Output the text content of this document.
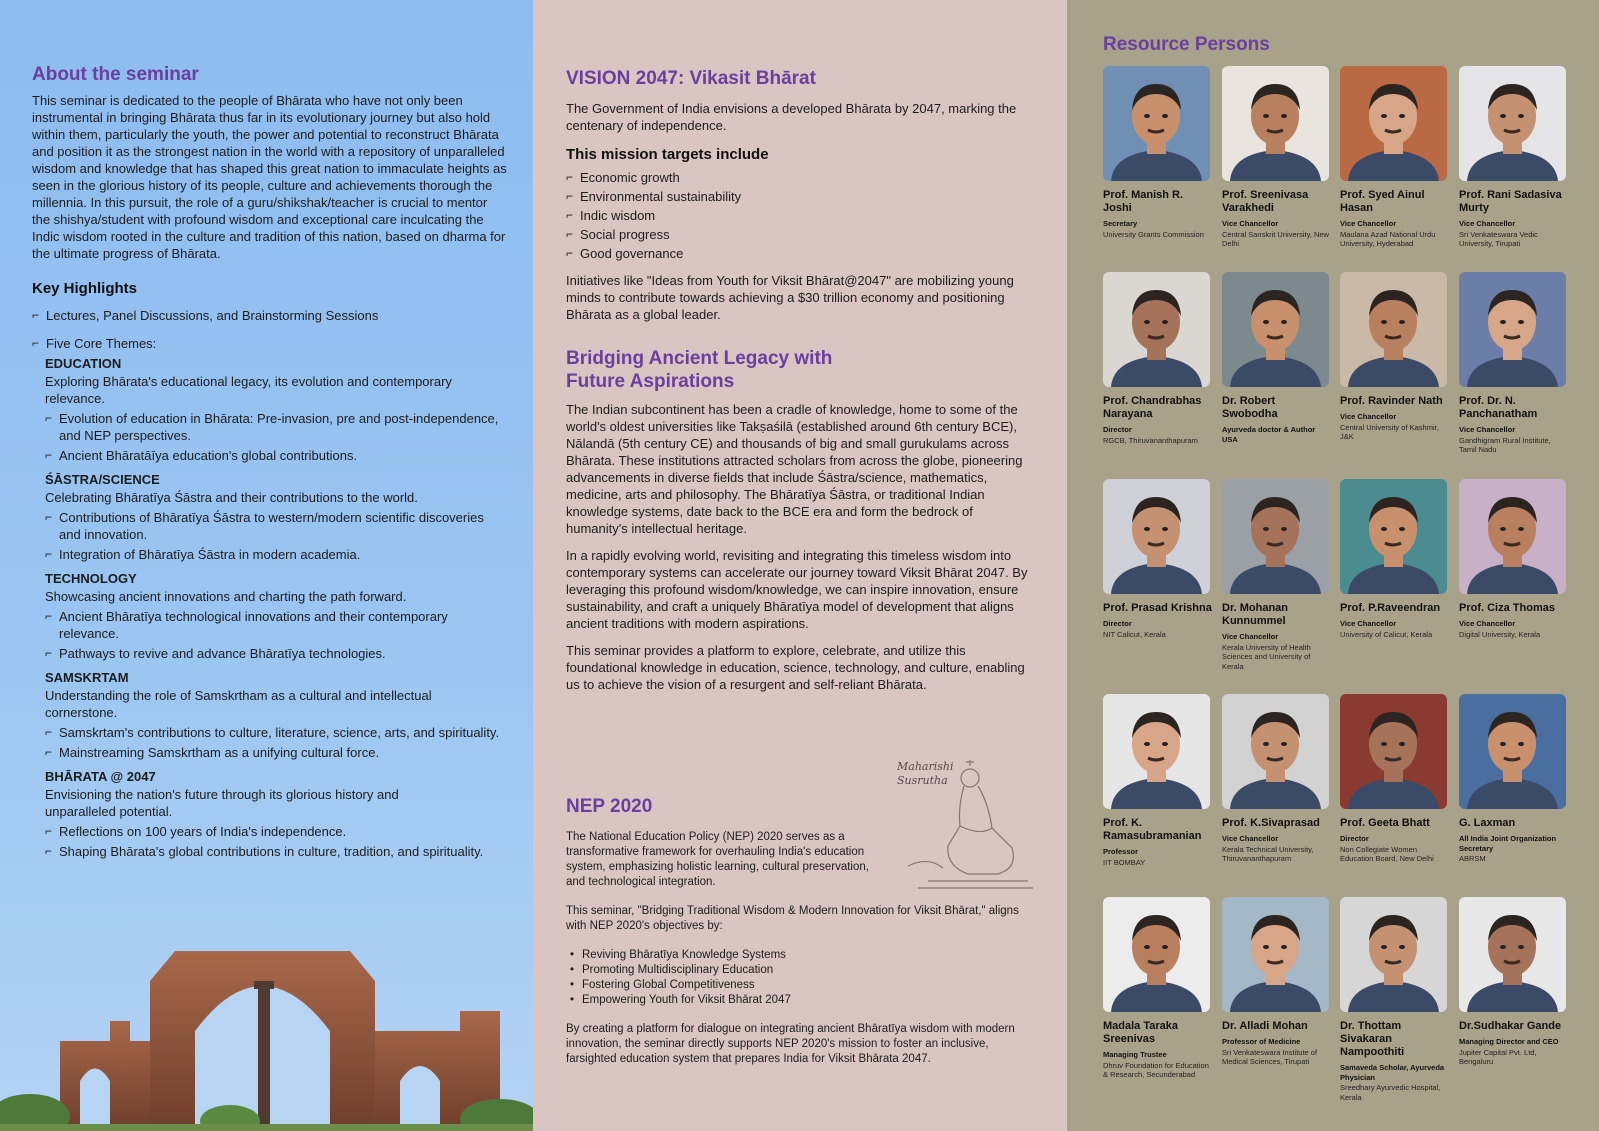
About the seminar

This seminar is dedicated to the people of Bhārata who have not only been instrumental in bringing Bhārata thus far in its evolutionary journey but also hold within them, particularly the youth, the power and potential to reconstruct Bhārata and position it as the strongest nation in the world with a repository of unparalleled wisdom and knowledge that has shaped this great nation to immaculate heights as seen in the glorious history of its people, culture and achievements thorough the millennia. In this pursuit, the role of a guru/shikshak/teacher is crucial to mentor the shishya/student with profound wisdom and exceptional care inculcating the Indic wisdom rooted in the culture and tradition of this nation, based on dharma for the ultimate progress of Bhārata.

Key Highlights
⌐ Lectures, Panel Discussions, and Brainstorming Sessions
⌐ Five Core Themes:
EDUCATION

Exploring Bhārata's educational legacy, its evolution and contemporary relevance.

⌐ Evolution of education in Bhārata: Pre-invasion, pre and post-independence, and NEP perspectives.
⌐ Ancient Bhāratāīya education's global contributions.
ŚĀSTRA/SCIENCE

Celebrating Bhāratīya Śāstra and their contributions to the world.

⌐ Contributions of Bhāratīya Śāstra to western/modern scientific discoveries and innovation.
⌐ Integration of Bhāratīya Śāstra in modern academia.
TECHNOLOGY

Showcasing ancient innovations and charting the path forward.

⌐ Ancient Bhāratīya technological innovations and their contemporary relevance.
⌐ Pathways to revive and advance Bhāratīya technologies.
SAMSKRTAM

Understanding the role of Samskrtham as a cultural and intellectual cornerstone.

⌐ Samskrtam's contributions to culture, literature, science, arts, and spirituality.
⌐ Mainstreaming Samskrtham as a unifying cultural force.
BHĀRATA @ 2047

Envisioning the nation's future through its glorious history and unparalleled potential.

⌐ Reflections on 100 years of India's independence.
⌐ Shaping Bhārata's global contributions in culture, tradition, and spirituality.
VISION 2047: Vikasit Bhārat

The Government of India envisions a developed Bhārata by 2047, marking the centenary of independence.

This mission targets include
⌐ Economic growth
⌐ Environmental sustainability
⌐ Indic wisdom
⌐ Social progress
⌐ Good governance

Initiatives like "Ideas from Youth for Viksit Bhārat@2047" are mobilizing young minds to contribute towards achieving a $30 trillion economy and positioning Bhārata as a global leader.

Bridging Ancient Legacy with
Future Aspirations

The Indian subcontinent has been a cradle of knowledge, home to some of the world's oldest universities like Takṣaśilā (established around 6th century BCE), Nālandā (5th century CE) and thousands of big and small gurukulams across Bhārata. These institutions attracted scholars from across the globe, pioneering advancements in diverse fields that include Śāstra/science, mathematics, medicine, arts and philosophy. The Bhāratīya Śāstra, or traditional Indian knowledge systems, date back to the BCE era and form the bedrock of humanity's intellectual heritage.

In a rapidly evolving world, revisiting and integrating this timeless wisdom into contemporary systems can accelerate our journey toward Viksit Bhārat 2047. By leveraging this profound wisdom/knowledge, we can inspire innovation, ensure sustainability, and craft a uniquely Bhāratīya model of development that aligns ancient traditions with modern aspirations.

This seminar provides a platform to explore, celebrate, and utilize this foundational knowledge in education, science, technology, and culture, enabling us to achieve the vision of a resurgent and self-reliant Bhārata.

Maharishi
Susrutha
NEP 2020

The National Education Policy (NEP) 2020 serves as a transformative framework for overhauling India's education system, emphasizing holistic learning, cultural preservation, and technological integration.

This seminar, "Bridging Traditional Wisdom & Modern Innovation for Viksit Bhārat," aligns with NEP 2020's objectives by:

• Reviving Bhāratīya Knowledge Systems
• Promoting Multidisciplinary Education
• Fostering Global Competitiveness
• Empowering Youth for Viksit Bhārat 2047

By creating a platform for dialogue on integrating ancient Bhāratīya wisdom with modern innovation, the seminar directly supports NEP 2020's mission to foster an inclusive, farsighted education system that prepares India for Viksit Bhārata 2047.

Resource Persons
Prof. Manish R. Joshi
Secretary
University Grants Commission
Prof. Sreenivasa Varakhedi
Vice Chancellor
Central Sanskrit University, New Delhi
Prof. Syed Ainul Hasan
Vice Chancellor
Maulana Azad National Urdu University, Hyderabad
Prof. Rani Sadasiva Murty
Vice Chancellor
Sri Venkateswara Vedic University, Tirupati
Prof. Chandrabhas Narayana
Director
RGCB, Thiruvananthapuram
Dr. Robert Swobodha
Ayurveda doctor & Author USA
Prof. Ravinder Nath
Vice Chancellor
Central University of Kashmir, J&K
Prof. Dr. N. Panchanatham
Vice Chancellor
Gandhigram Rural Institute, Tamil Nadu
Prof. Prasad Krishna
Director
NIT Calicut, Kerala
Dr. Mohanan Kunnummel
Vice Chancellor
Kerala University of Health Sciences and University of Kerala
Prof. P.Raveendran
Vice Chancellor
University of Calicut, Kerala
Prof. Ciza Thomas
Vice Chancellor
Digital University, Kerala
Prof. K. Ramasubramanian
Professor
IIT BOMBAY
Prof. K.Sivaprasad
Vice Chancellor
Kerala Technical University, Thiruvananthapuram
Prof. Geeta Bhatt
Director
Non Collegiate Women Education Board, New Delhi
G. Laxman
All India Joint Organization Secretary
ABRSM
Madala Taraka Sreenivas
Managing Trustee
Dhruv Foundation for Education & Research, Secunderabad
Dr. Alladi Mohan
Professor of Medicine
Sri Venkateswara Institute of Medical Sciences, Tirupati
Dr. Thottam Sivakaran Nampoothiti
Samaveda Scholar, Ayurveda Physician
Sreedhary Ayurvedic Hospital, Kerala
Dr.Sudhakar Gande
Managing Director and CEO
Jupiter Capital Pvt. Ltd, Bengaluru
